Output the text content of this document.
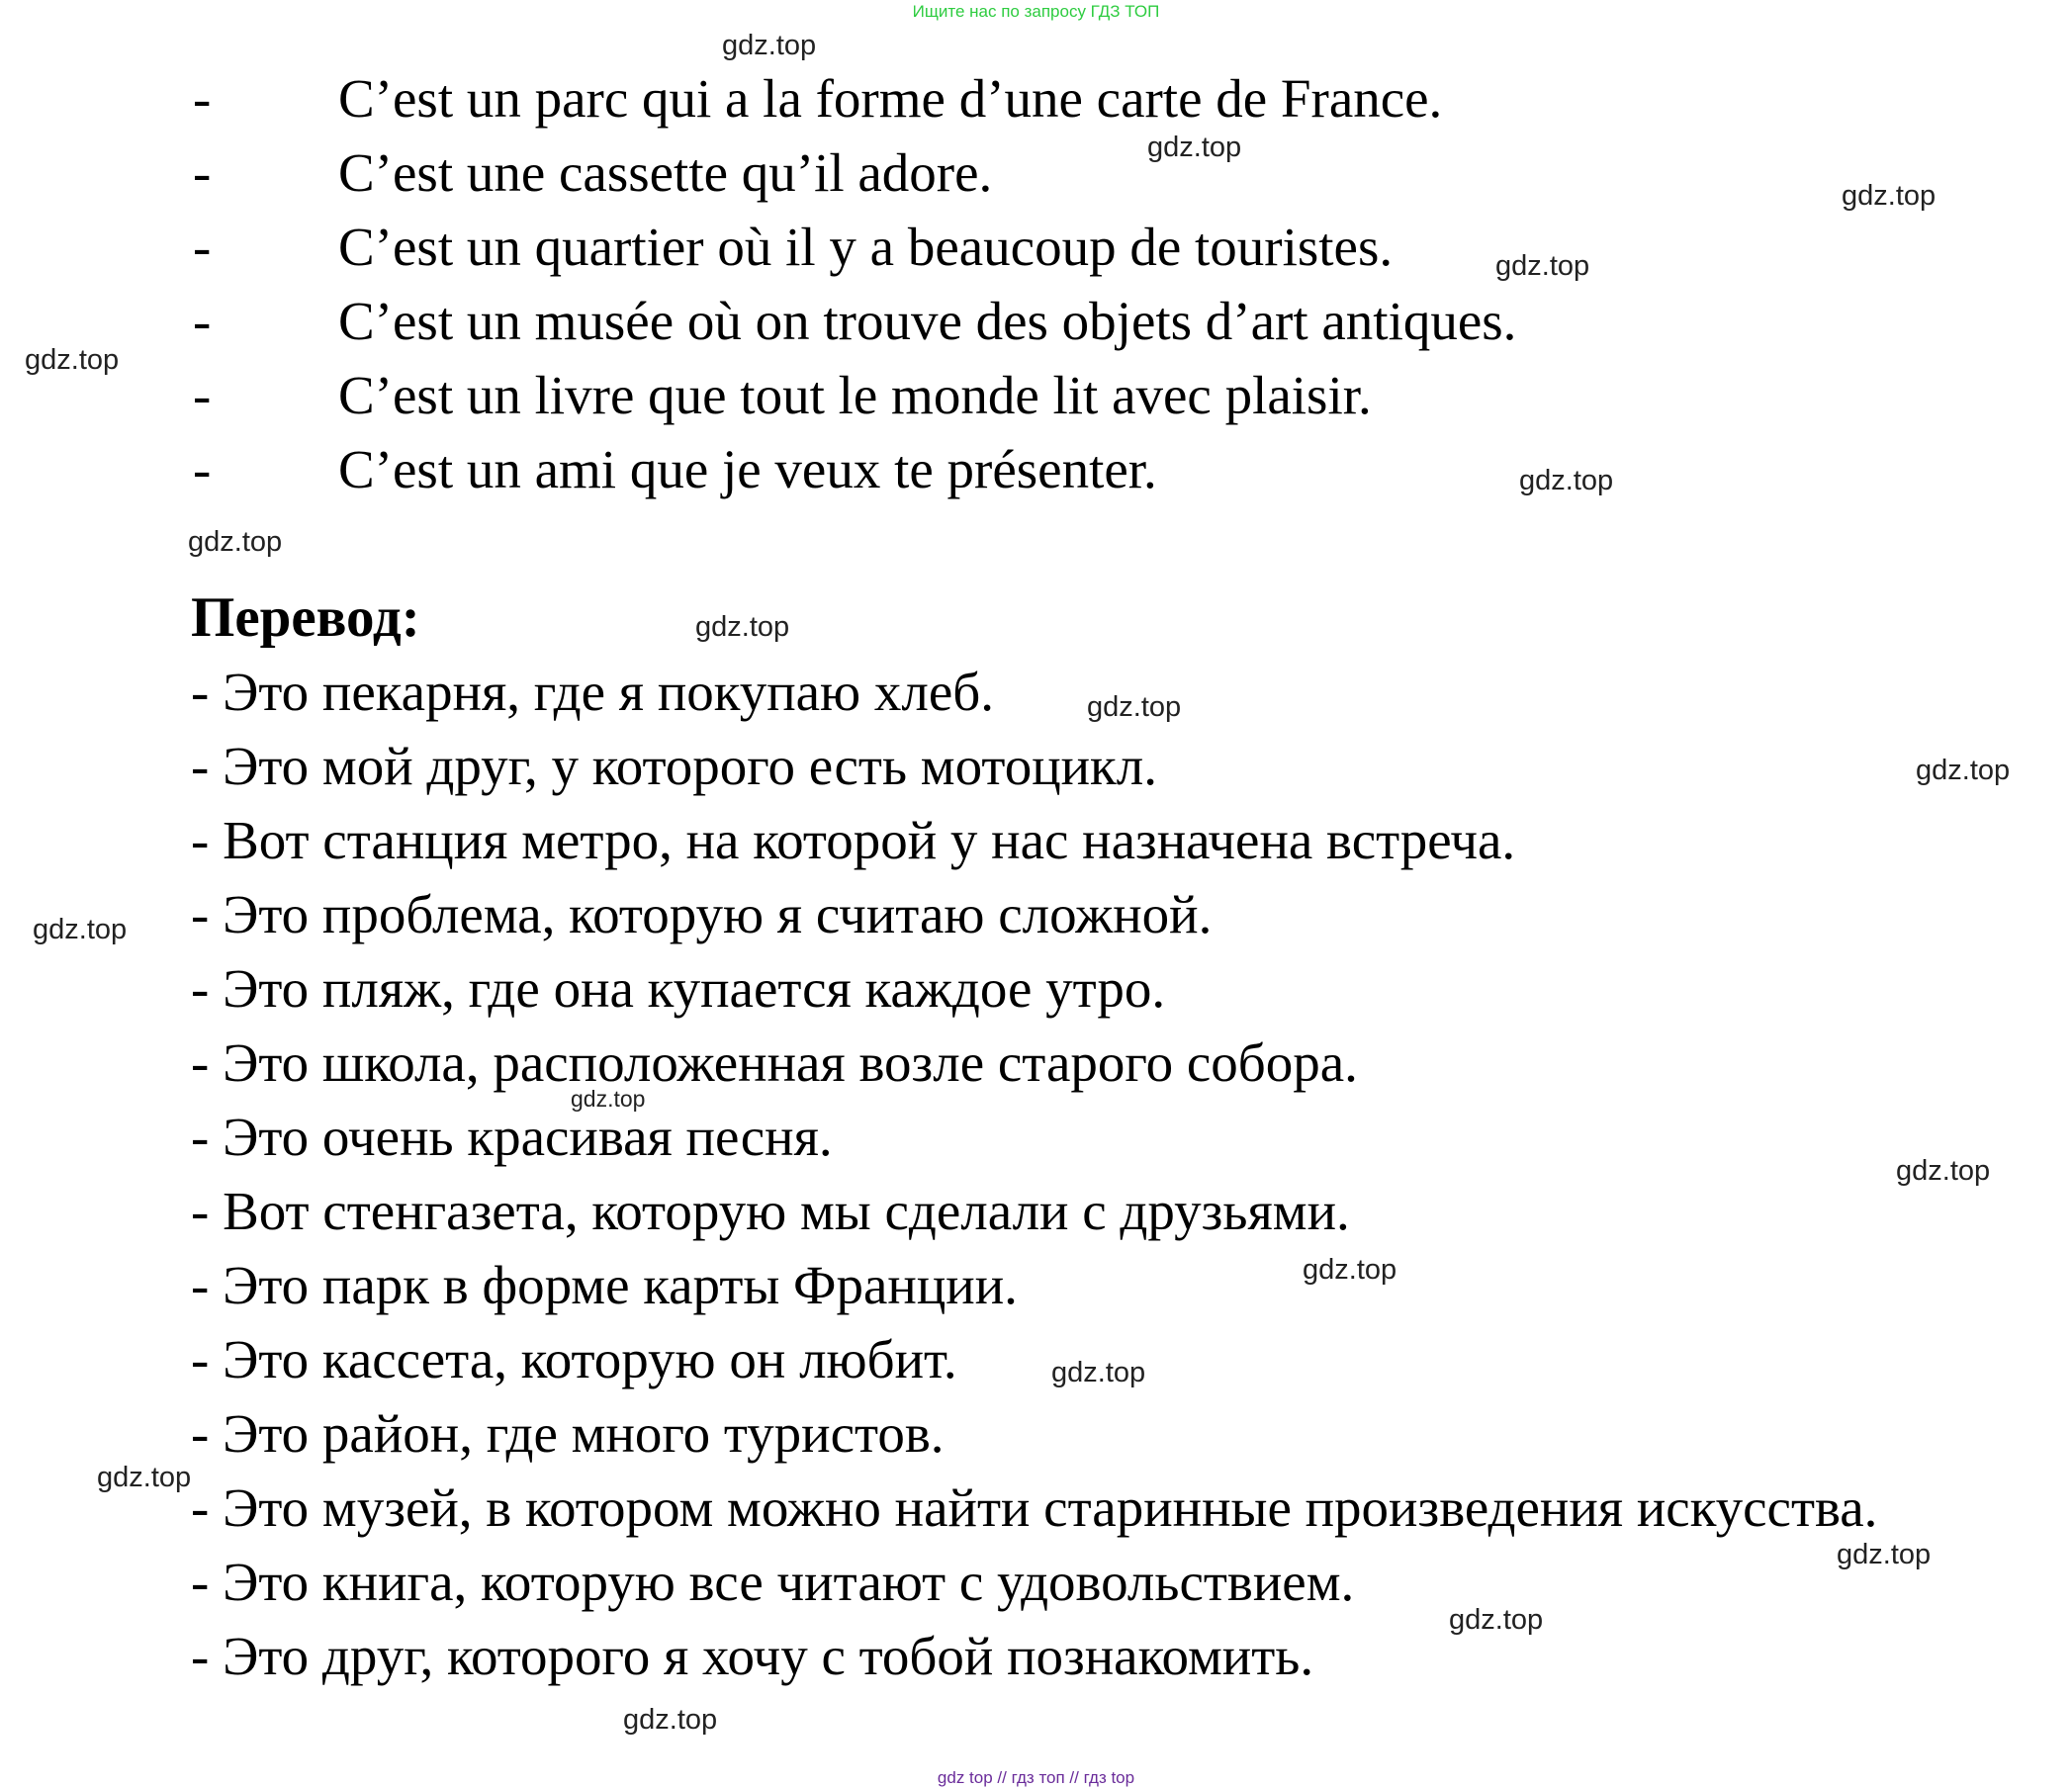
Ищите нас по запросу ГДЗ ТОП
- C’est un parc qui a la forme d’une carte de France.
- C’est une cassette qu’il adore.
- C’est un quartier où il y a beaucoup de touristes.
- C’est un musée où on trouve des objets d’art antiques.
- C’est un livre que tout le monde lit avec plaisir.
- C’est un ami que je veux te présenter.
Перевод:
- Это пекарня, где я покупаю хлеб.
- Это мой друг, у которого есть мотоцикл.
- Вот станция метро, на которой у нас назначена встреча.
- Это проблема, которую я считаю сложной.
- Это пляж, где она купается каждое утро.
- Это школа, расположенная возле старого собора.
- Это очень красивая песня.
- Вот стенгазета, которую мы сделали с друзьями.
- Это парк в форме карты Франции.
- Это кассета, которую он любит.
- Это район, где много туристов.
- Это музей, в котором можно найти старинные произведения искусства.
- Это книга, которую все читают с удовольствием.
- Это друг, которого я хочу с тобой познакомить.
gdz.top
gdz.top
gdz.top
gdz.top
gdz.top
gdz.top
gdz.top
gdz.top
gdz.top
gdz.top
gdz.top
gdz.top
gdz.top
gdz.top
gdz.top
gdz.top
gdz.top
gdz.top
gdz.top
gdz top // гдз топ // гдз top
